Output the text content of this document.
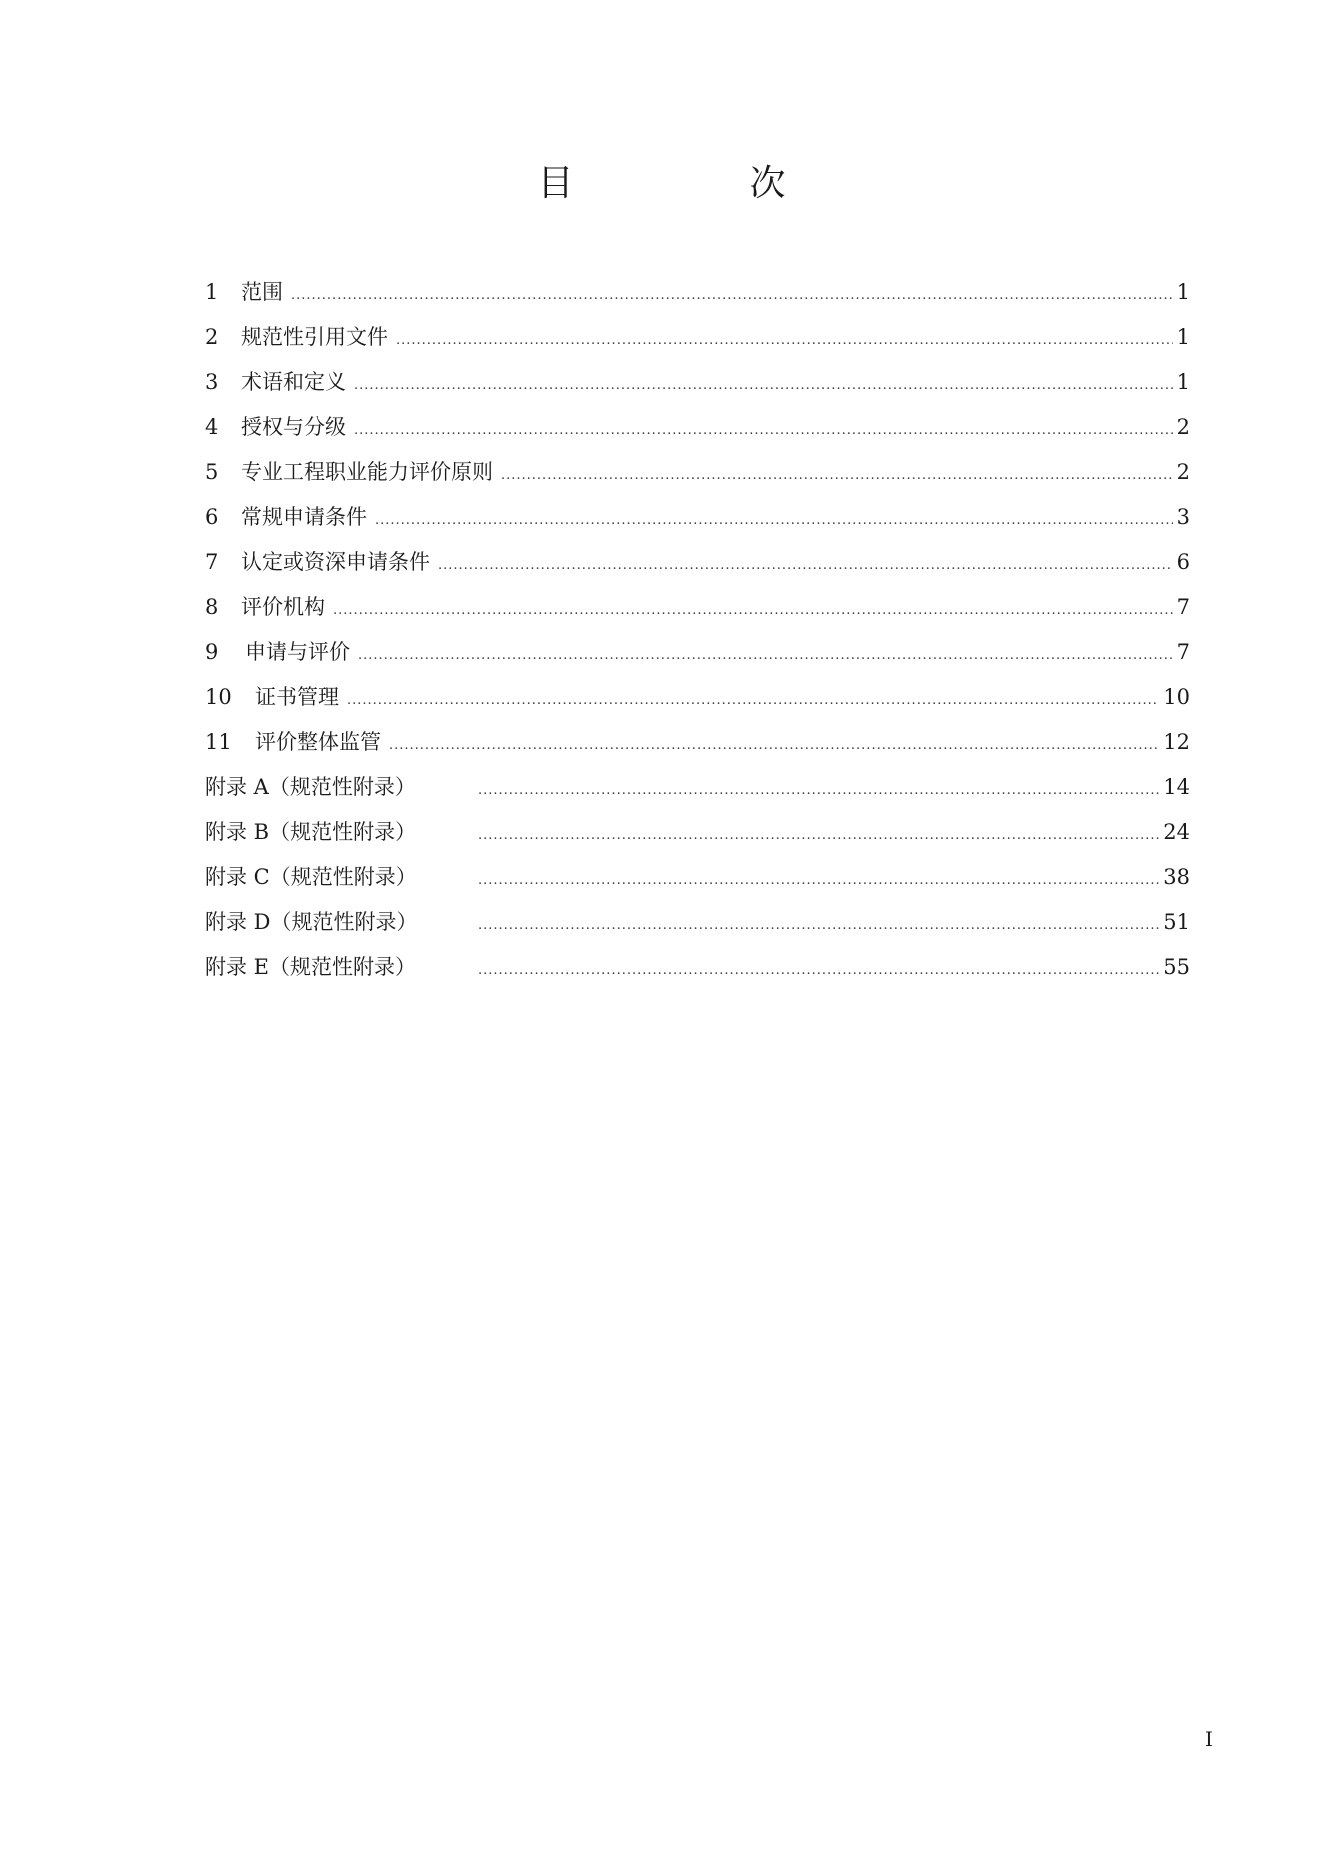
目　次
1	范围 .....	1
2	规范性引用文件 .....	1
3	术语和定义 .....	1
4	授权与分级 .....	2
5	专业工程职业能力评价原则 .....	2
6	常规申请条件 .....	3
7	认定或资深申请条件 .....	6
8	评价机构 .....	7
9	申请与评价 .....	7
10	证书管理 .....	10
11	评价整体监管 .....	12
附录 A（规范性附录） .....	14
附录 B（规范性附录） .....	24
附录 C（规范性附录） .....	38
附录 D（规范性附录） .....	51
附录 E（规范性附录） .....	55
I
